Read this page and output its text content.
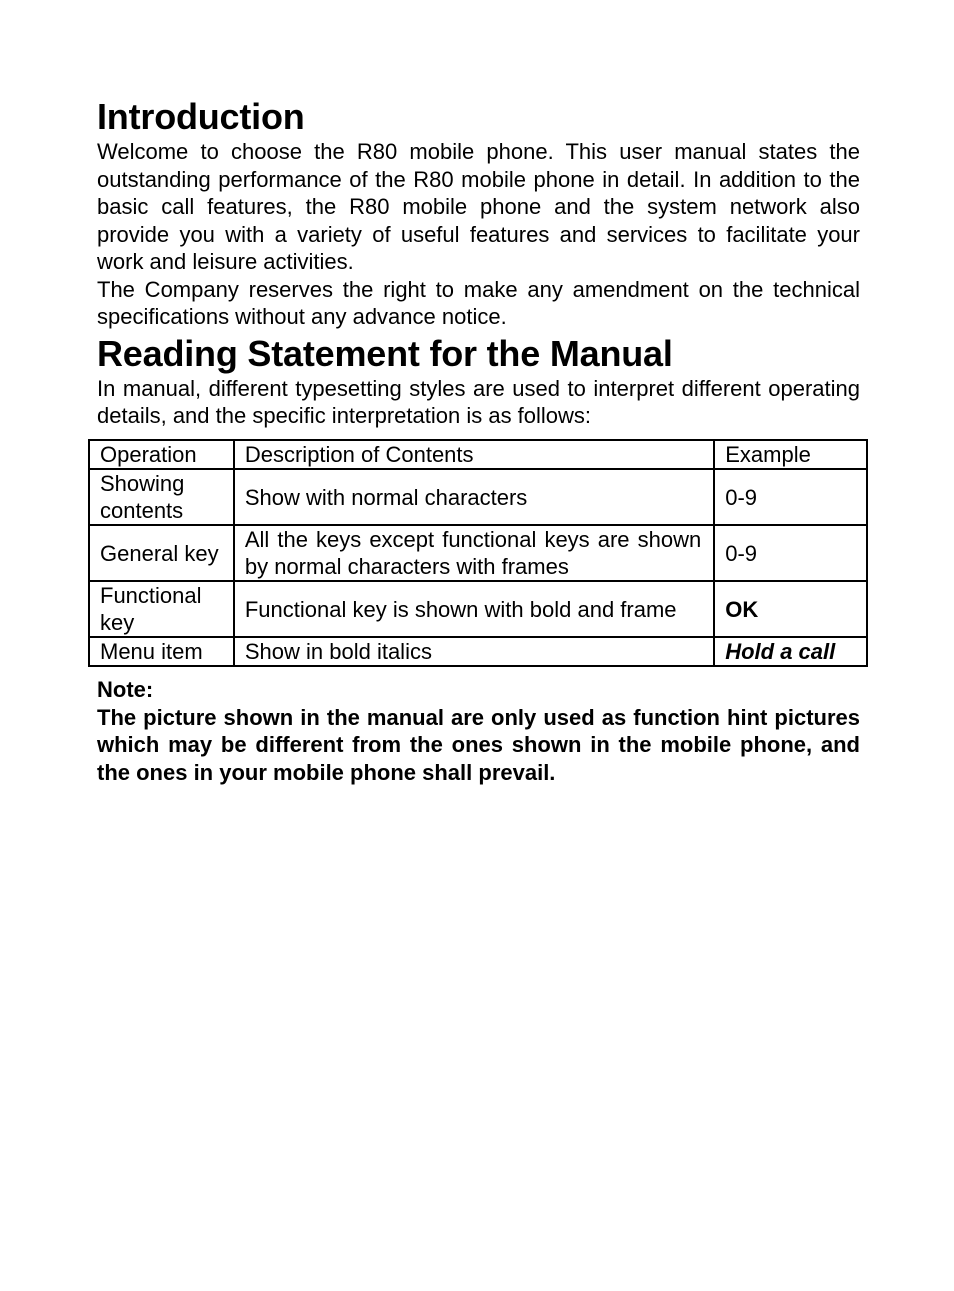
Introduction

Welcome to choose the R80 mobile phone. This user manual states the outstanding performance of the R80 mobile phone in detail. In addition to the basic call features, the R80 mobile phone and the system network also provide you with a variety of useful features and services to facilitate your work and leisure activities.

The Company reserves the right to make any amendment on the technical specifications without any advance notice.

Reading Statement for the Manual

In manual, different typesetting styles are used to interpret different operating details, and the specific interpretation is as follows:

Operation	Description of Contents	Example
Showing contents	Show with normal characters	0-9
General key	All the keys except functional keys are shown by normal characters with frames	0-9
Functional key	Functional key is shown with bold and frame	OK
Menu item	Show in bold italics	Hold a call

Note:

The picture shown in the manual are only used as function hint pictures which may be different from the ones shown in the mobile phone, and the ones in your mobile phone shall prevail.
